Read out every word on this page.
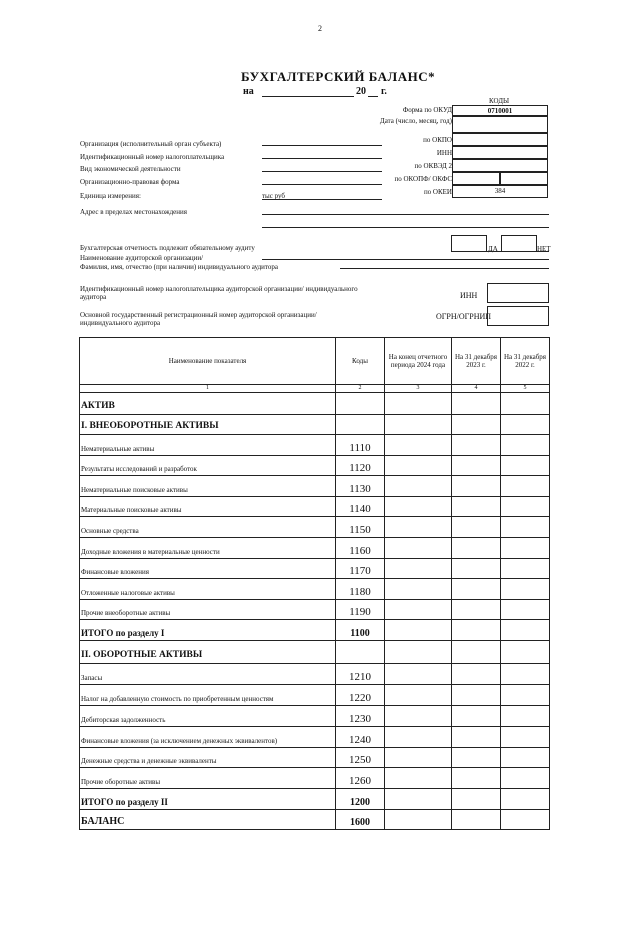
2
БУХГАЛТЕРСКИЙ БАЛАНС*
на	20 г.
КОДЫ
Форма по ОКУД	0710001
Дата (число, месяц, год)
по ОКПО
ИНН
по ОКВЭД 2
по ОКОПФ/ ОКФС
по ОКЕИ	384
Организация (исполнительный орган субъекта)
Идентификационный номер налогоплательщика
Вид экономической деятельности
Организационно-правовая форма
Единица измерения:	тыс руб
Адрес в пределах местонахождения
Бухгалтерская отчетность подлежит обязательному аудиту	ДА	НЕТ
Наименование аудиторской организации/
Фамилия, имя, отчество (при наличии) индивидуального аудитора
Идентификационный номер налогоплательщика аудиторской организации/ индивидуального аудитора	ИНН
Основной государственный регистрационный номер аудиторской организации/ индивидуального аудитора
ОГРН/ОГРНИП
Наименование показателя	Коды	На конец отчетного периода 2024 года	На 31 декабря 2023 г.	На 31 декабря 2022 г.
1	2	3	4	5
АКТИВ				
I. ВНЕОБОРОТНЫЕ АКТИВЫ				
Нематериальные активы	1110			
Результаты исследований и разработок	1120			
Нематериальные поисковые активы	1130			
Материальные поисковые активы	1140			
Основные средства	1150			
Доходные вложения в материальные ценности	1160			
Финансовые вложения	1170			
Отложенные налоговые активы	1180			
Прочие внеоборотные активы	1190			
ИТОГО по разделу I	1100			
II. ОБОРОТНЫЕ АКТИВЫ				
Запасы	1210			
Налог на добавленную стоимость по приобретенным ценностям	1220			
Дебиторская задолженность	1230			
Финансовые вложения (за исключением денежных эквивалентов)	1240			
Денежные средства и денежные эквиваленты	1250			
Прочие оборотные активы	1260			
ИТОГО по разделу II	1200			
БАЛАНС	1600			
